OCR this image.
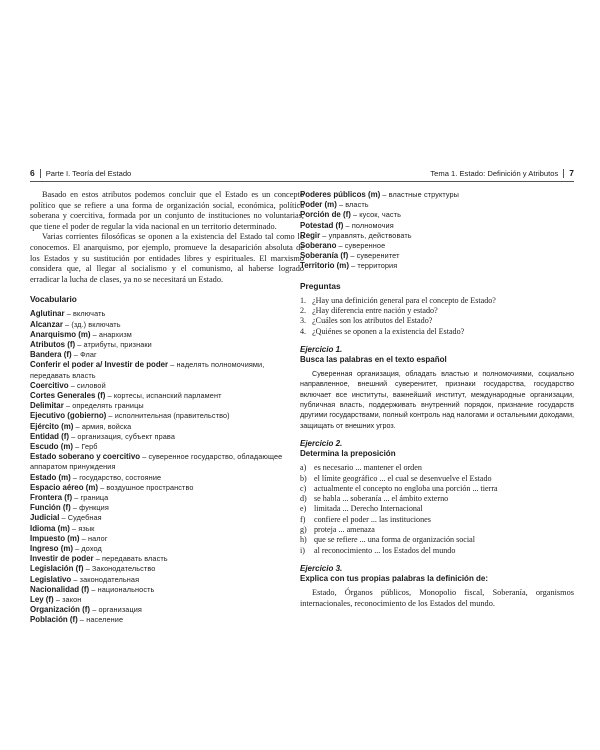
6 Parte I. Teoría del Estado

Basado en estos atributos podemos concluir que el Estado es un concepto político que se refiere a una forma de organización social, económica, política soberana y coercitiva, formada por un conjunto de instituciones no voluntarias, que tiene el poder de regular la vida nacional en un territorio determinado.

Varias corrientes filosóficas se oponen a la existencia del Estado tal como lo conocemos. El anarquismo, por ejemplo, promueve la desaparición absoluta de los Estados y su sustitución por entidades libres y espirituales. El marxismo considera que, al llegar al socialismo y el comunismo, al haberse logrado erradicar la lucha de clases, ya no se necesitará un Estado.

Vocabulario
Aglutinar – включать
Alcanzar – (зд.) включать
Anarquismo (m) – анархизм
Atributos (f) – атрибуты, признаки
Bandera (f) – Флаг
Conferir el poder a/ Investir de poder – наделять полномочиями, передавать власть
Coercitivo – силовой
Cortes Generales (f) – кортесы, испанский парламент
Delimitar – определять границы
Ejecutivo (gobierno) – исполнительная (правительство)
Ejército (m) – армия, войска
Entidad (f) – организация, субъект права
Escudo (m) – Герб
Estado soberano y coercitivo – суверенное государство, обладающее аппаратом принуждения
Estado (m) – государство, состояние
Espacio aéreo (m) – воздушное пространство
Frontera (f) – граница
Función (f) – функция
Judicial – Судебная
Idioma (m) – язык
Impuesto (m) – налог
Ingreso (m) – доход
Investir de poder – передавать власть
Legislación (f) – Законодательство
Legislativo – законодательная
Nacionalidad (f) – национальность
Ley (f) – закон
Organización (f) – организация
Población (f) – население
Tema 1. Estado: Definición y Atributos 7
Poderes públicos (m) – властные структуры
Poder (m) – власть
Porción de (f) – кусок, часть
Potestad (f) – полномочия
Regir – управлять, действовать
Soberano – суверенное
Soberanía (f) – суверенитет
Territorio (m) – территория
Preguntas
1. ¿Hay una definición general para el concepto de Estado?
2. ¿Hay diferencia entre nación y estado?
3. ¿Cuáles son los atributos del Estado?
4. ¿Quiénes se oponen a la existencia del Estado?
Ejercicio 1.
Busca las palabras en el texto español

Суверенная организация, обладать властью и полномочиями, социально направленное, внешний суверенитет, признаки государства, государство включает все институты, важнейший институт, международные организации, публичная власть, поддерживать внутренний порядок, признание государств другими государствами, полный контроль над налогами и остальными доходами, защищать от внешних угроз.

Ejercicio 2.
Determina la preposición
a) es necesario ... mantener el orden
b) el límite geográfico ... el cual se desenvuelve el Estado
c) actualmente el concepto no engloba una porción ... tierra
d) se habla ... soberanía ... el ámbito externo
e) limitada ... Derecho Internacional
f)	confiere el poder ... las instituciones
g) proteja ... amenaza
h) que se refiere ... una forma de organización social
i)	al reconocimiento ... los Estados del mundo
Ejercicio 3.
Explica con tus propias palabras la definición de:

Estado, Órganos públicos, Monopolio fiscal, Soberanía, organismos internacionales, reconocimiento de los Estados del mundo.
